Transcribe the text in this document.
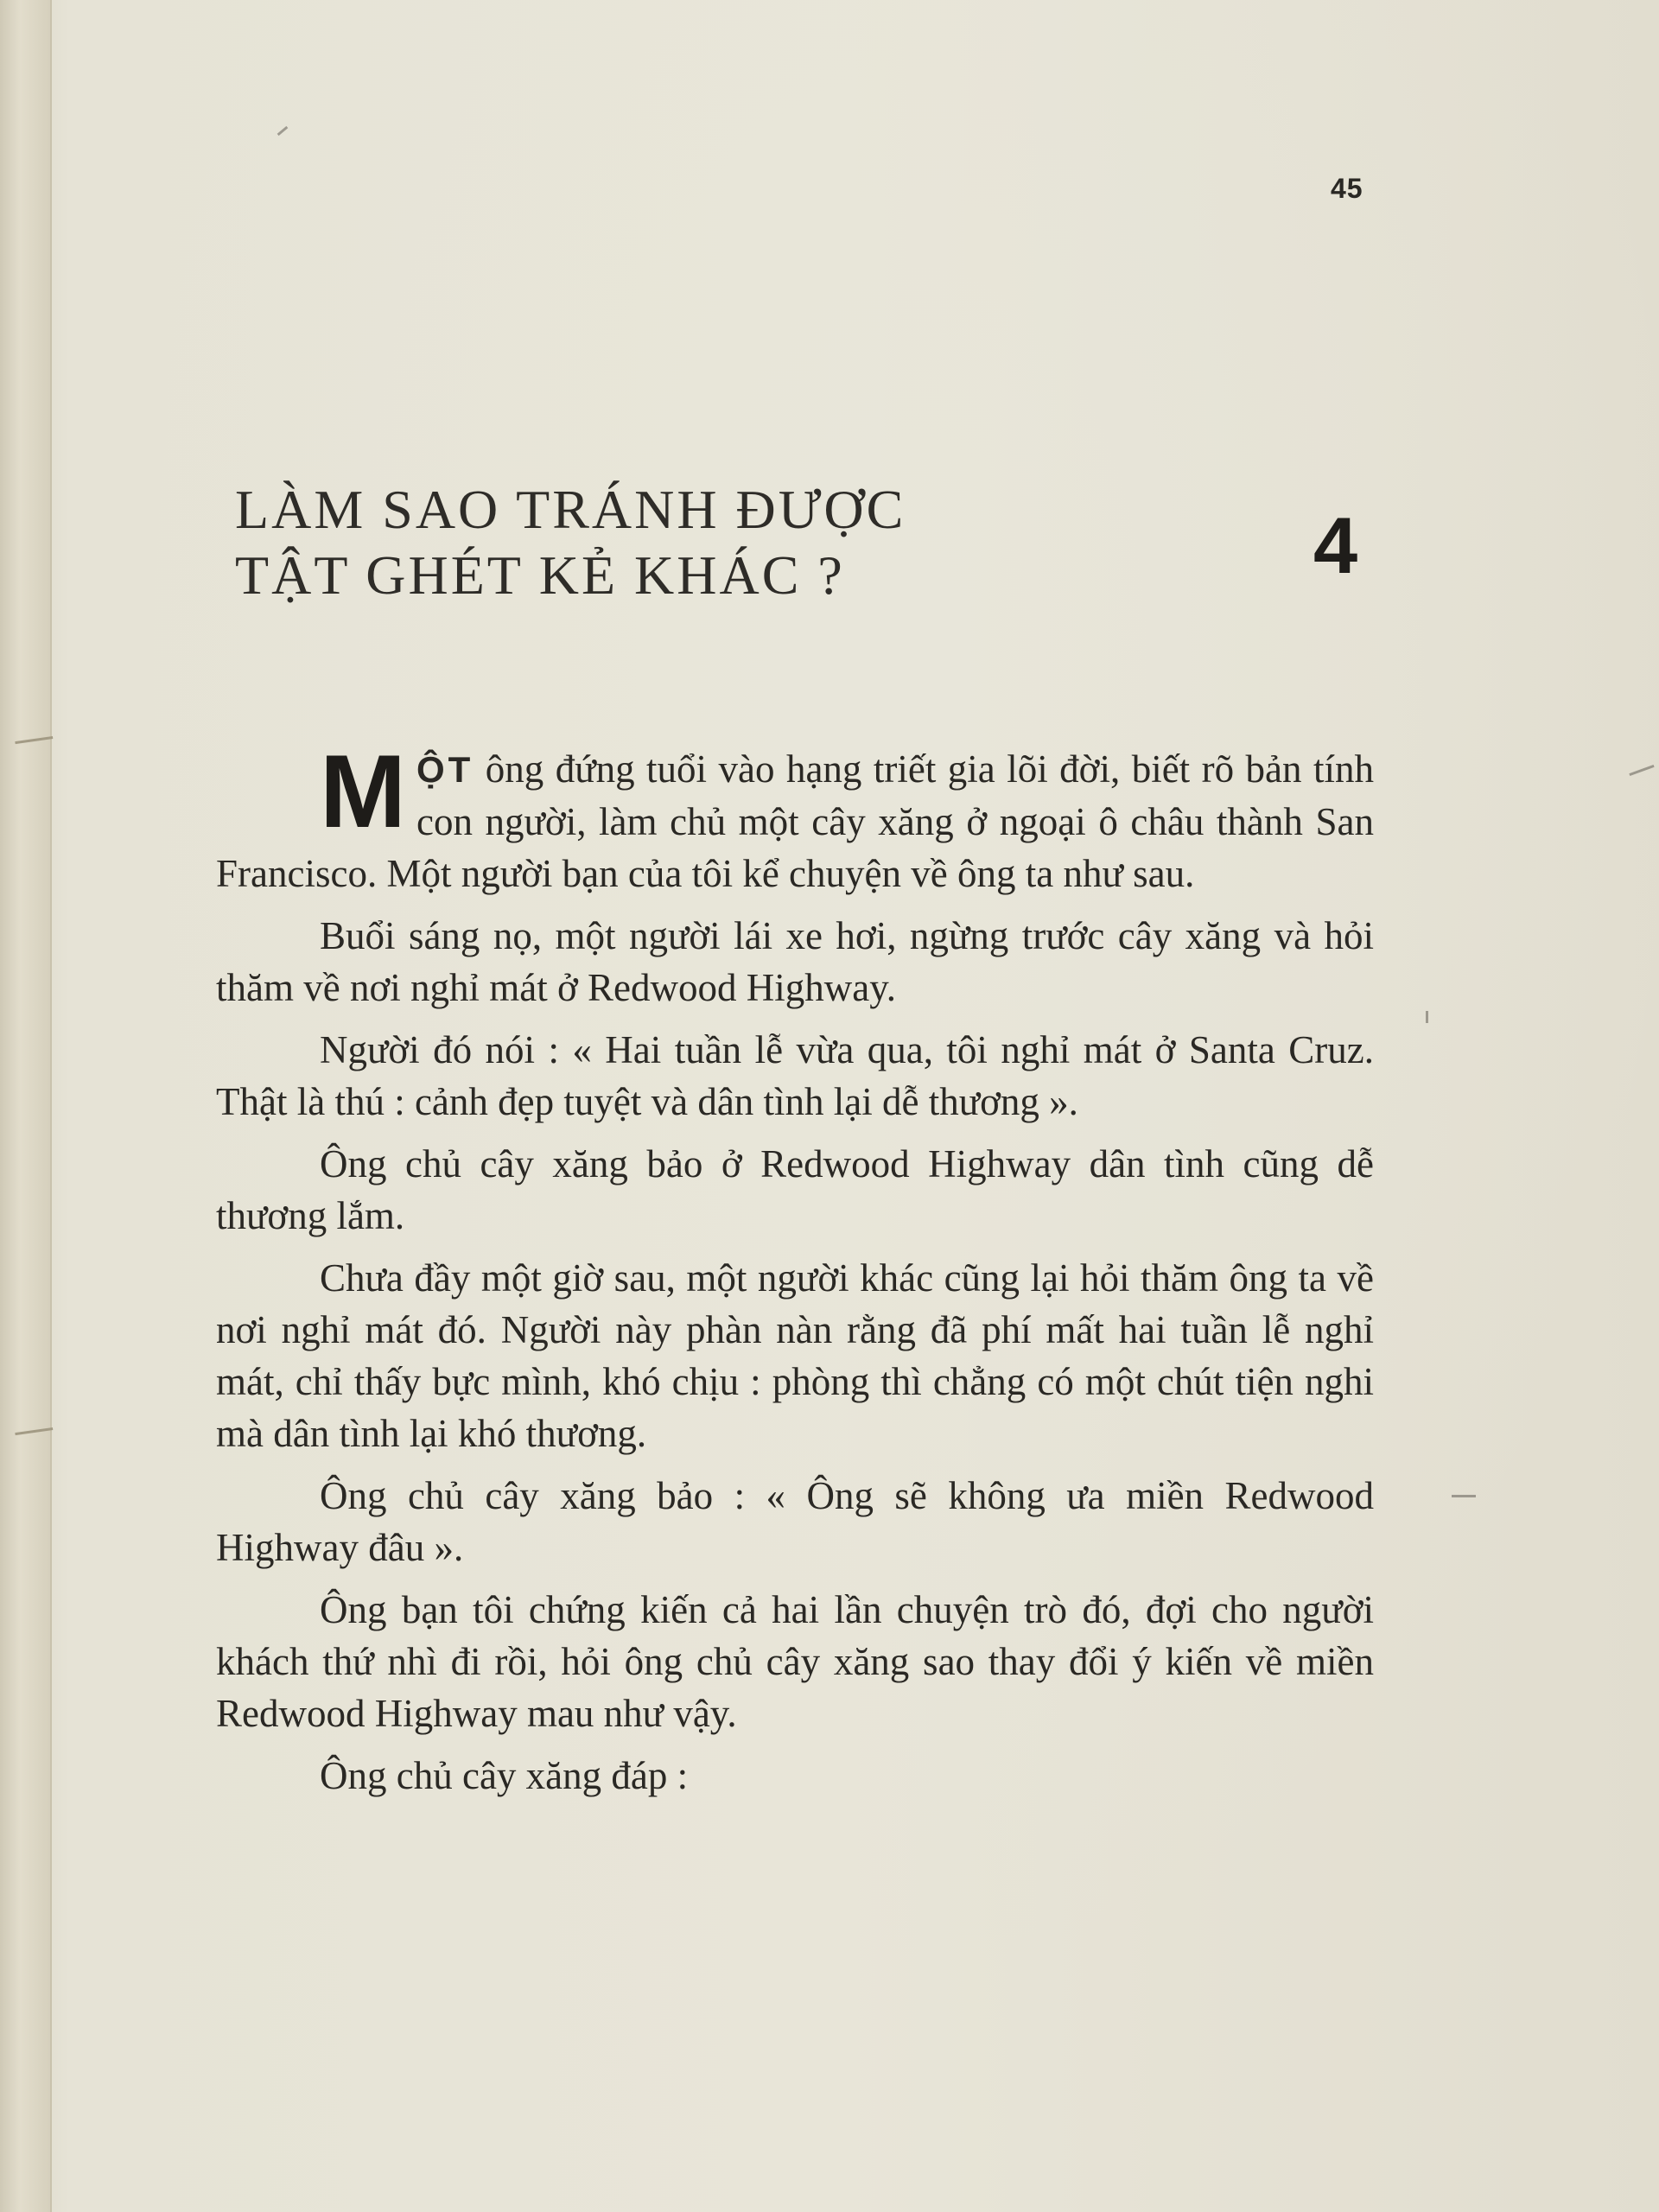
45
LÀM SAO TRÁNH ĐƯỢC
TẬT GHÉT KẺ KHÁC ?	4

MỘT ông đứng tuổi vào hạng triết gia lõi đời, biết rõ bản tính con người, làm chủ một cây xăng ở ngoại ô châu thành San Francisco. Một người bạn của tôi kể chuyện về ông ta như sau.

Buổi sáng nọ, một người lái xe hơi, ngừng trước cây xăng và hỏi thăm về nơi nghỉ mát ở Redwood Highway.

Người đó nói : « Hai tuần lễ vừa qua, tôi nghỉ mát ở Santa Cruz. Thật là thú : cảnh đẹp tuyệt và dân tình lại dễ thương ».

Ông chủ cây xăng bảo ở Redwood Highway dân tình cũng dễ thương lắm.

Chưa đầy một giờ sau, một người khác cũng lại hỏi thăm ông ta về nơi nghỉ mát đó. Người này phàn nàn rằng đã phí mất hai tuần lễ nghỉ mát, chỉ thấy bực mình, khó chịu : phòng thì chẳng có một chút tiện nghi mà dân tình lại khó thương.

Ông chủ cây xăng bảo : « Ông sẽ không ưa miền Redwood Highway đâu ».

Ông bạn tôi chứng kiến cả hai lần chuyện trò đó, đợi cho người khách thứ nhì đi rồi, hỏi ông chủ cây xăng sao thay đổi ý kiến về miền Redwood Highway mau như vậy.

Ông chủ cây xăng đáp :
